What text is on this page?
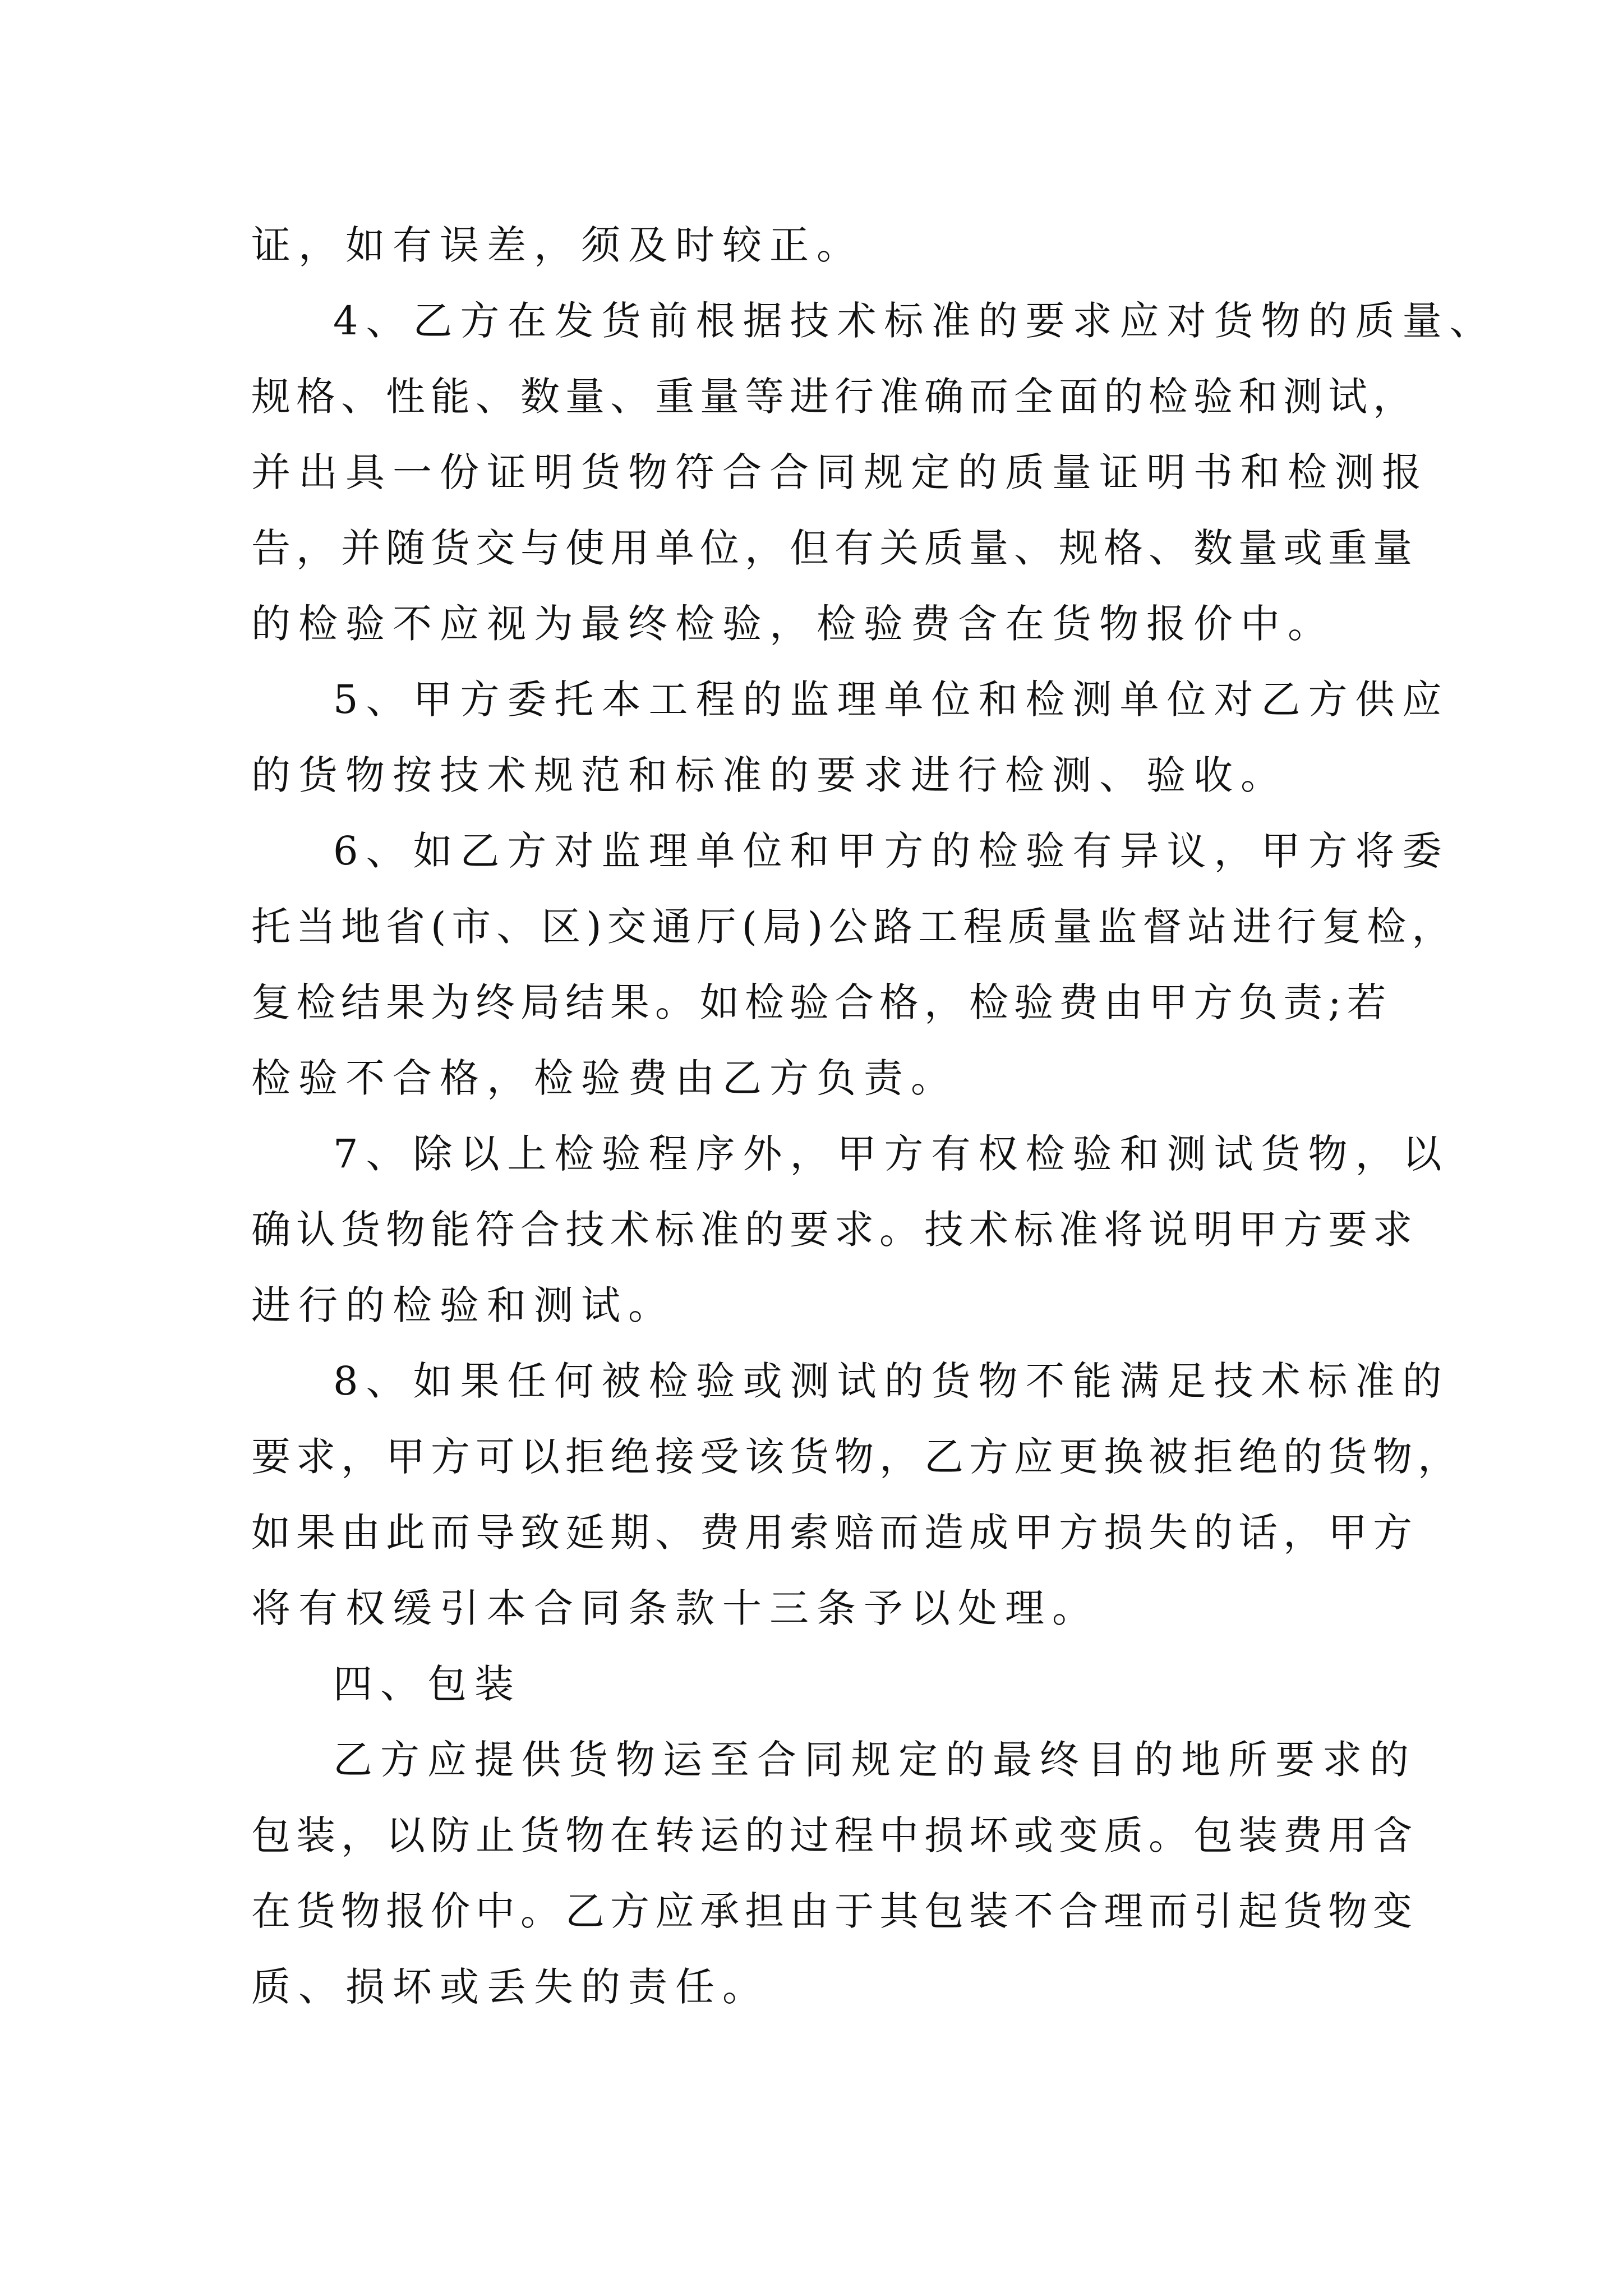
证，如有误差，须及时较正。
4、乙方在发货前根据技术标准的要求应对货物的质量、
规格、性能、数量、重量等进行准确而全面的检验和测试，
并出具一份证明货物符合合同规定的质量证明书和检测报
告，并随货交与使用单位，但有关质量、规格、数量或重量
的检验不应视为最终检验，检验费含在货物报价中。
5、甲方委托本工程的监理单位和检测单位对乙方供应
的货物按技术规范和标准的要求进行检测、验收。
6、如乙方对监理单位和甲方的检验有异议，甲方将委
托当地省(市、区)交通厅(局)公路工程质量监督站进行复检，
复检结果为终局结果。如检验合格，检验费由甲方负责;若
检验不合格，检验费由乙方负责。
7、除以上检验程序外，甲方有权检验和测试货物，以
确认货物能符合技术标准的要求。技术标准将说明甲方要求
进行的检验和测试。
8、如果任何被检验或测试的货物不能满足技术标准的
要求，甲方可以拒绝接受该货物，乙方应更换被拒绝的货物，
如果由此而导致延期、费用索赔而造成甲方损失的话，甲方
将有权缓引本合同条款十三条予以处理。
四、包装
乙方应提供货物运至合同规定的最终目的地所要求的
包装，以防止货物在转运的过程中损坏或变质。包装费用含
在货物报价中。乙方应承担由于其包装不合理而引起货物变
质、损坏或丢失的责任。
